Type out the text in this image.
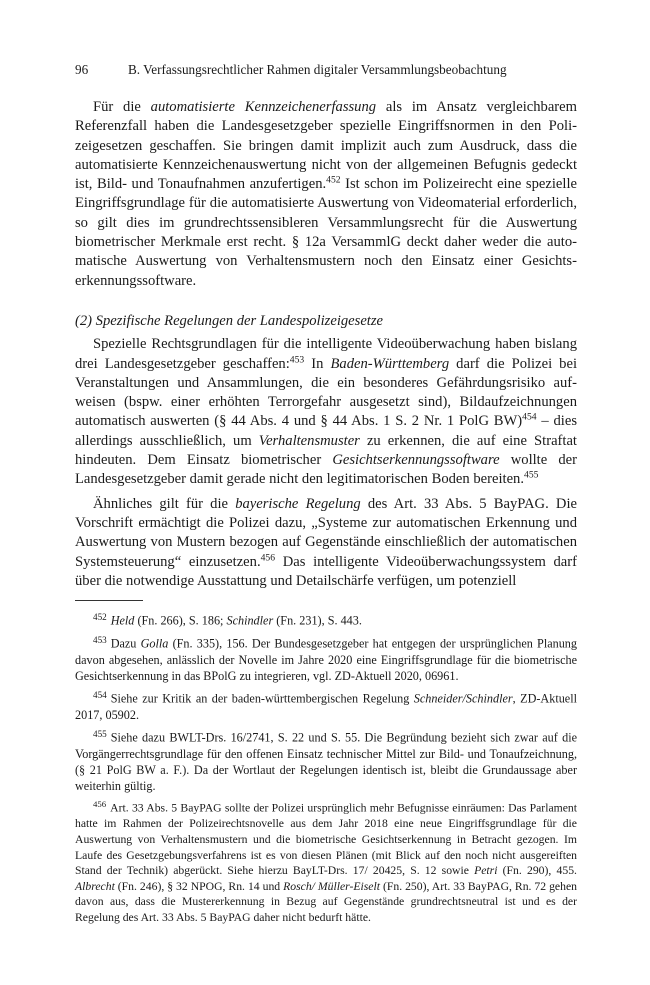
96	B. Verfassungsrechtlicher Rahmen digitaler Versammlungsbeobachtung

Für die automatisierte Kennzeichenerfassung als im Ansatz vergleichbarem Referenzfall haben die Landesgesetzgeber spezielle Eingriffsnormen in den Polizeigesetzen geschaffen. Sie bringen damit implizit auch zum Ausdruck, dass die automatisierte Kennzeichenauswertung nicht von der allgemeinen Befugnis gedeckt ist, Bild- und Tonaufnahmen anzufertigen.$^{452}$ Ist schon im Polizeirecht eine spezielle Eingriffsgrundlage für die automatisierte Auswertung von Videomaterial erforderlich, so gilt dies im grundrechtssensibleren Versammlungsrecht für die Auswertung biometrischer Merkmale erst recht. § 12a VersammlG deckt daher weder die automatische Auswertung von Verhaltensmustern noch den Einsatz einer Gesichtserkennungssoftware.

(2) Spezifische Regelungen der Landespolizeigesetze

Spezielle Rechtsgrundlagen für die intelligente Videoüberwachung haben bislang drei Landesgesetzgeber geschaffen:$^{453}$ In Baden-Württemberg darf die Polizei bei Veranstaltungen und Ansammlungen, die ein besonderes Gefährdungsrisiko aufweisen (bspw. einer erhöhten Terrorgefahr ausgesetzt sind), Bildaufzeichnungen automatisch auswerten (§ 44 Abs. 4 und § 44 Abs. 1 S. 2 Nr. 1 PolG BW)$^{454}$ – dies allerdings ausschließlich, um Verhaltensmuster zu erkennen, die auf eine Straftat hindeuten. Dem Einsatz biometrischer Gesichtserkennungssoftware wollte der Landesgesetzgeber damit gerade nicht den legitimatorischen Boden bereiten.$^{455}$

Ähnliches gilt für die bayerische Regelung des Art. 33 Abs. 5 BayPAG. Die Vorschrift ermächtigt die Polizei dazu, „Systeme zur automatischen Erkennung und Auswertung von Mustern bezogen auf Gegenstände einschließlich der automatischen Systemsteuerung“ einzusetzen.$^{456}$ Das intelligente Videoüberwachungssystem darf über die notwendige Ausstattung und Detailschärfe verfügen, um potenziell

$^{452}$ Held (Fn. 266), S. 186; Schindler (Fn. 231), S. 443.

$^{453}$ Dazu Golla (Fn. 335), 156. Der Bundesgesetzgeber hat entgegen der ursprünglichen Planung davon abgesehen, anlässlich der Novelle im Jahre 2020 eine Eingriffsgrundlage für die biometrische Gesichtserkennung in das BPolG zu integrieren, vgl. ZD-Aktuell 2020, 06961.

$^{454}$ Siehe zur Kritik an der baden-württembergischen Regelung Schneider/Schindler, ZD-Aktuell 2017, 05902.

$^{455}$ Siehe dazu BWLT-Drs. 16/2741, S. 22 und S. 55. Die Begründung bezieht sich zwar auf die Vorgängerrechtsgrundlage für den offenen Einsatz technischer Mittel zur Bild- und Tonaufzeichnung, (§ 21 PolG BW a. F.). Da der Wortlaut der Regelungen identisch ist, bleibt die Grundaussage aber weiterhin gültig.

$^{456}$ Art. 33 Abs. 5 BayPAG sollte der Polizei ursprünglich mehr Befugnisse einräumen: Das Parlament hatte im Rahmen der Polizeirechtsnovelle aus dem Jahr 2018 eine neue Eingriffsgrundlage für die Auswertung von Verhaltensmustern und die biometrische Gesichtserkennung in Betracht gezogen. Im Laufe des Gesetzgebungsverfahrens ist es von diesen Plänen (mit Blick auf den noch nicht ausgereiften Stand der Technik) abgerückt. Siehe hierzu BayLT-Drs. 17/ 20425, S. 12 sowie Petri (Fn. 290), 455. Albrecht (Fn. 246), § 32 NPOG, Rn. 14 und Rosch/ Müller-Eiselt (Fn. 250), Art. 33 BayPAG, Rn. 72 gehen davon aus, dass die Mustererkennung in Bezug auf Gegenstände grundrechtsneutral ist und es der Regelung des Art. 33 Abs. 5 BayPAG daher nicht bedurft hätte.
